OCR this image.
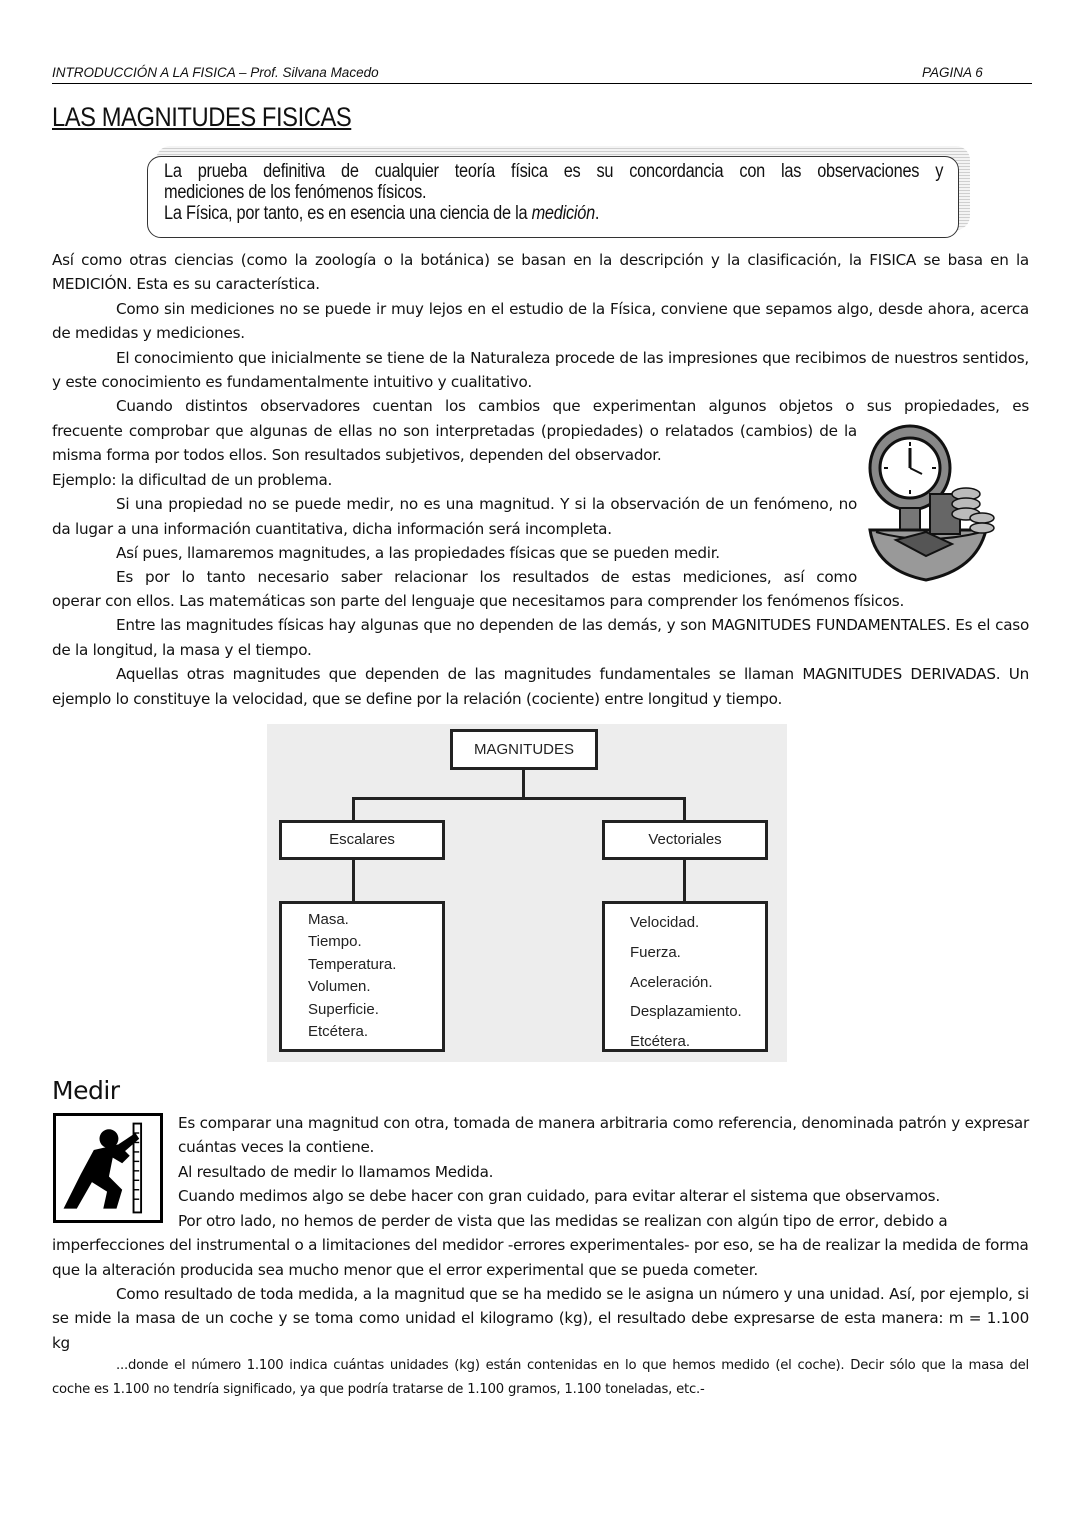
INTRODUCCIÓN A LA FISICA – Prof. Silvana Macedo	PAGINA 6
LAS MAGNITUDES FISICAS
La prueba definitiva de cualquier teoría física es su concordancia con las observaciones y
mediciones de los fenómenos físicos.
La Física, por tanto, es en esencia una ciencia de la medición.
Así como otras ciencias (como la zoología o la botánica) se basan en la descripción y la clasificación, la FISICA se basa en la MEDICIÓN. Esta es su característica.
Como sin mediciones no se puede ir muy lejos en el estudio de la Física, conviene que sepamos algo, desde ahora, acerca de medidas y mediciones.
El conocimiento que inicialmente se tiene de la Naturaleza procede de las impresiones que recibimos de nuestros sentidos, y este conocimiento es fundamentalmente intuitivo y cualitativo.
Cuando distintos observadores cuentan los cambios que experimentan algunos objetos o sus propiedades, es
frecuente comprobar que algunas de ellas no son interpretadas (propiedades) o relatados (cambios) de la misma forma por todos ellos. Son resultados subjetivos, dependen del observador.
Ejemplo: la dificultad de un problema.
Si una propiedad no se puede medir, no es una magnitud. Y si la observación de un fenómeno, no da lugar a una información cuantitativa, dicha información será incompleta.
Así pues, llamaremos magnitudes, a las propiedades físicas que se pueden medir.
Es por lo tanto necesario saber relacionar los resultados de estas mediciones, así como
operar con ellos. Las matemáticas son parte del lenguaje que necesitamos para comprender los fenómenos físicos.
Entre las magnitudes físicas hay algunas que no dependen de las demás, y son MAGNITUDES FUNDAMENTALES. Es el caso de la longitud, la masa y el tiempo.
Aquellas otras magnitudes que dependen de las magnitudes fundamentales se llaman MAGNITUDES DERIVADAS. Un ejemplo lo constituye la velocidad, que se define por la relación (cociente) entre longitud y tiempo.
MAGNITUDES
Escalares	Vectoriales
Masa.
Tiempo.
Temperatura.
Volumen.
Superficie.
Etcétera.
Velocidad.
Fuerza.
Aceleración.
Desplazamiento.
Etcétera.
Medir
Es comparar una magnitud con otra, tomada de manera arbitraria como referencia, denominada patrón y expresar cuántas veces la contiene.
Al resultado de medir lo llamamos Medida.
Cuando medimos algo se debe hacer con gran cuidado, para evitar alterar el sistema que observamos.
Por otro lado, no hemos de perder de vista que las medidas se realizan con algún tipo de error, debido a imperfecciones del instrumental o a limitaciones del medidor -errores experimentales- por eso, se ha de realizar la medida de forma que la alteración producida sea mucho menor que el error experimental que se pueda cometer.
Como resultado de toda medida, a la magnitud que se ha medido se le asigna un número y una unidad. Así, por ejemplo, si se mide la masa de un coche y se toma como unidad el kilogramo (kg), el resultado debe expresarse de esta manera: m = 1.100 kg
...donde el número 1.100 indica cuántas unidades (kg) están contenidas en lo que hemos medido (el coche). Decir sólo que la masa del coche es 1.100 no tendría significado, ya que podría tratarse de 1.100 gramos, 1.100 toneladas, etc.-
